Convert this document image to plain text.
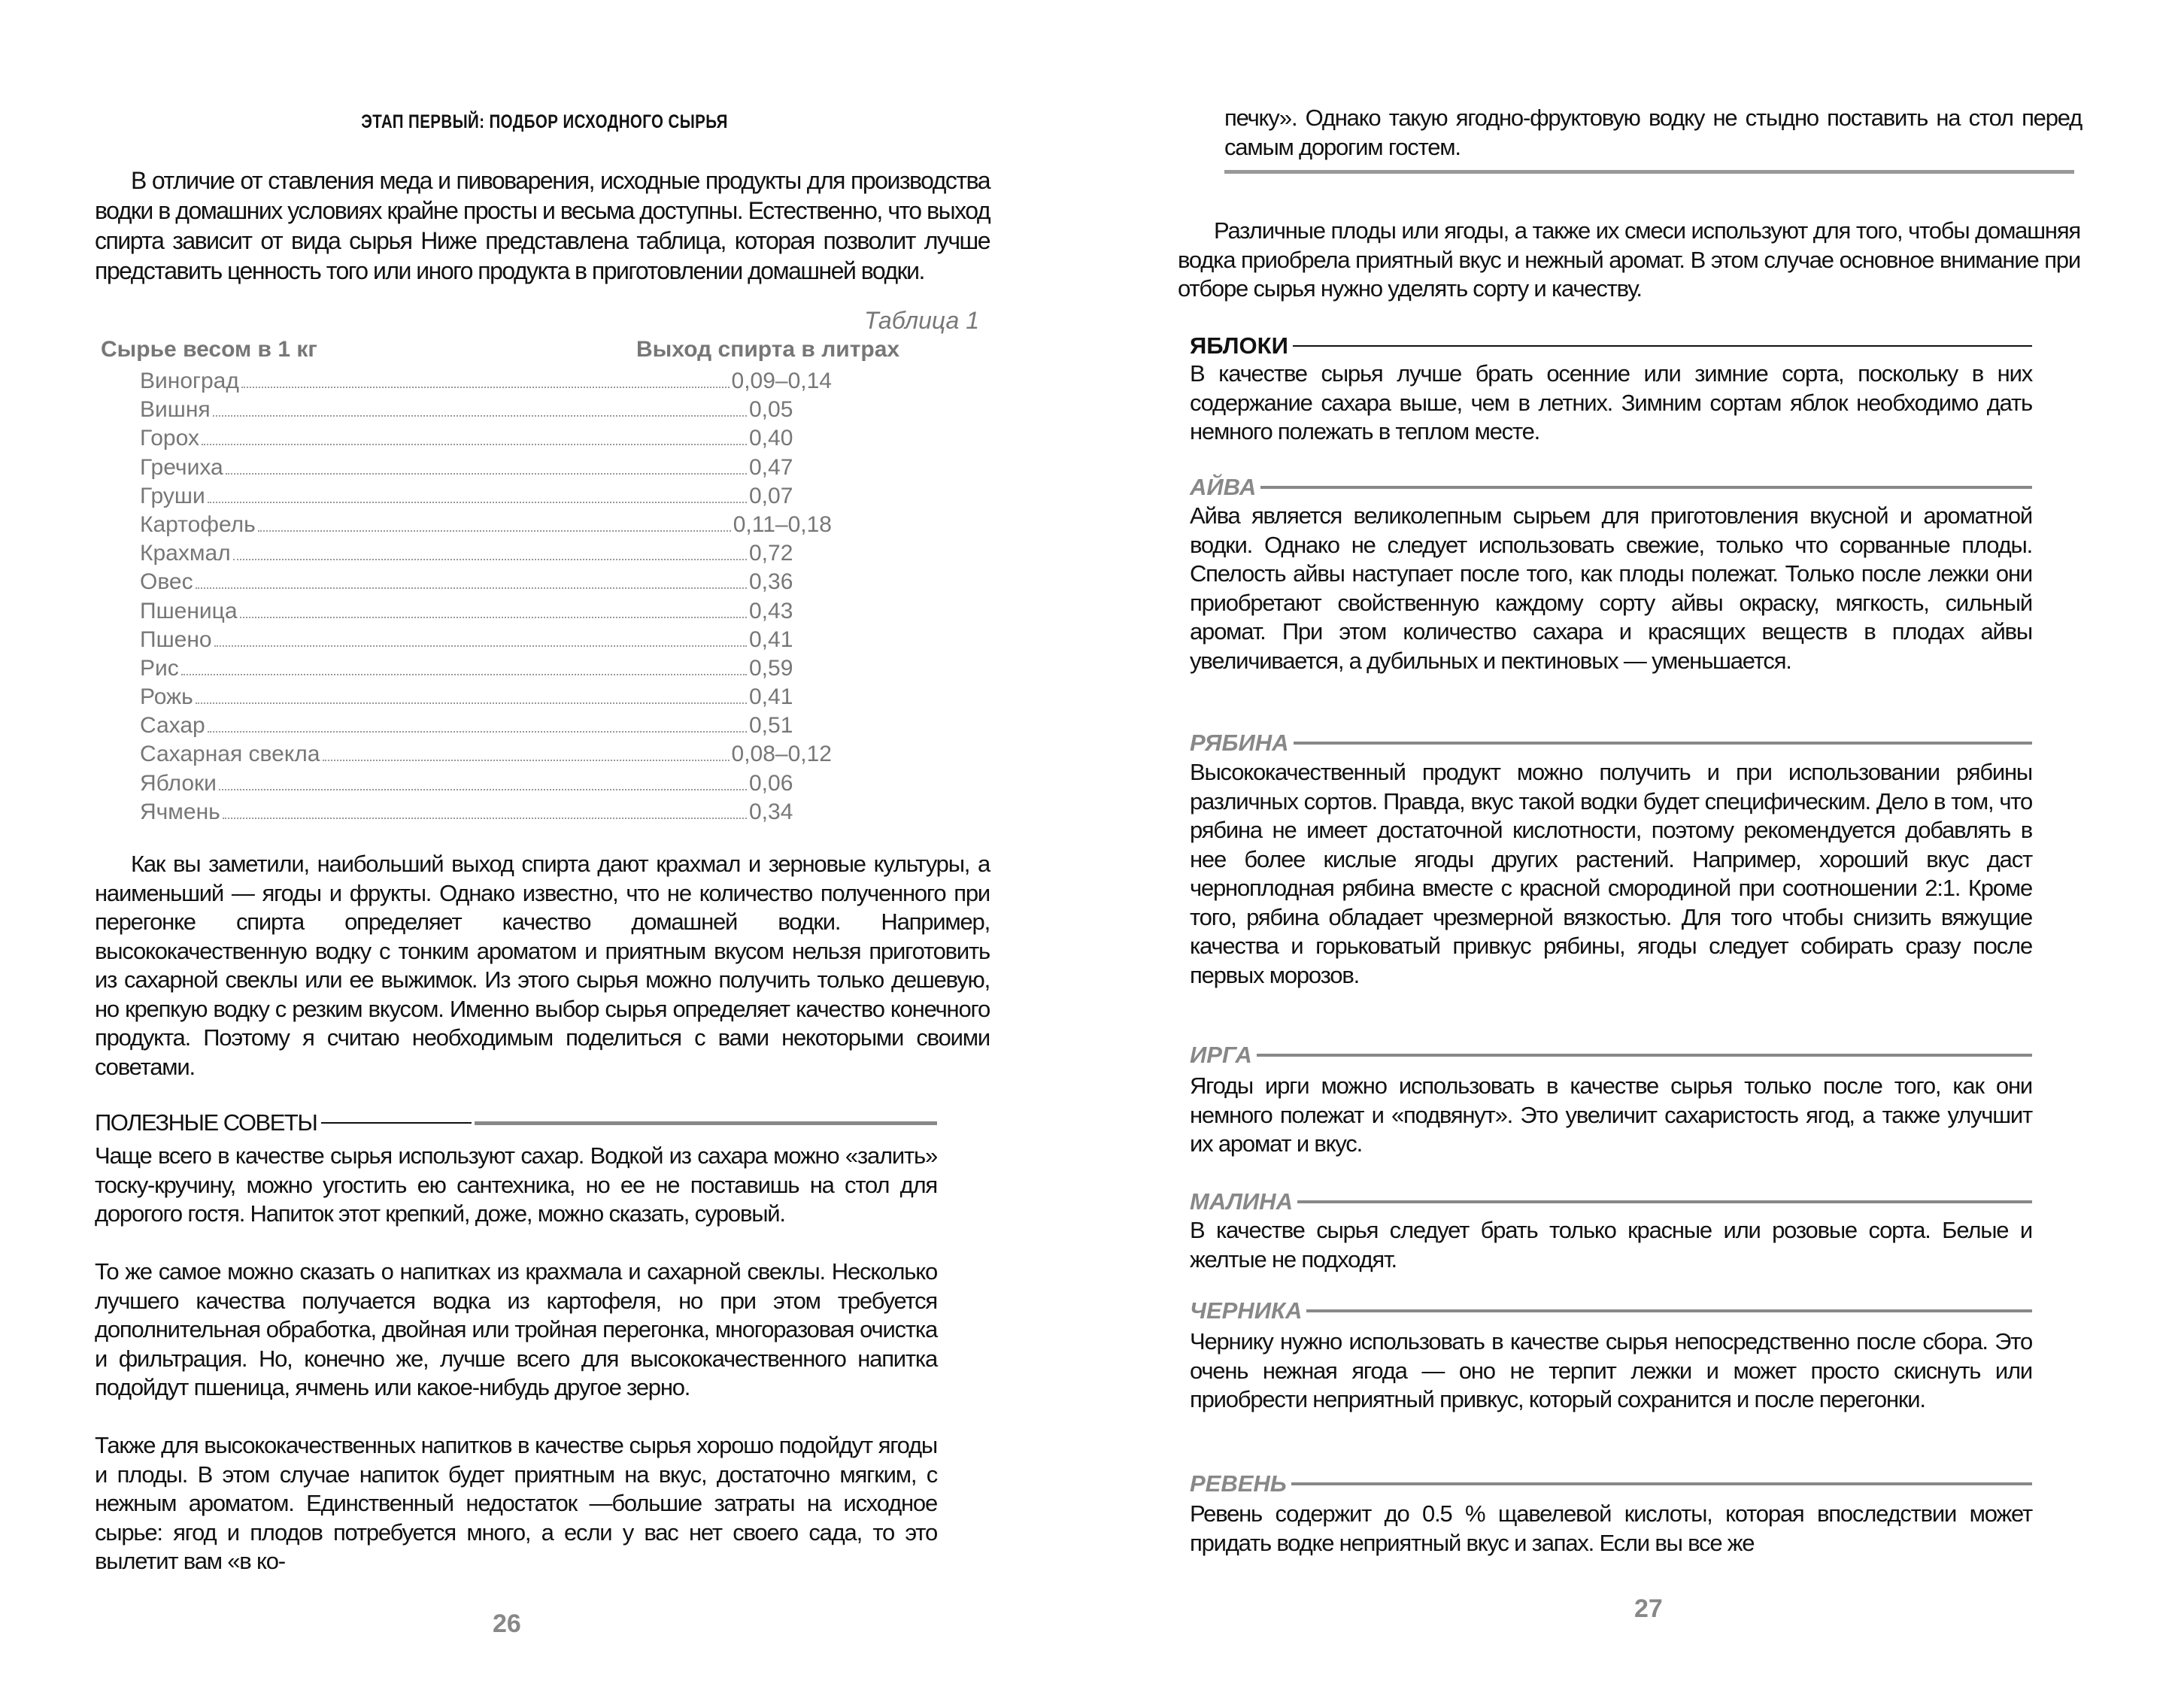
ЭТАП ПЕРВЫЙ: ПОДБОР ИСХОДНОГО СЫРЬЯ
В отличие от ставления меда и пивоварения, исходные продукты для производства водки в домашних условиях крайне просты и весьма доступны. Естественно, что выход спирта зависит от вида сырья Ниже представлена таблица, которая позволит лучше представить ценность того или иного продукта в приготовлении домашней водки.
Таблица 1
Сырье весом в 1 кг	Выход спирта в литрах
Виноград	0,09–0,14
Вишня	0,05
Горох	0,40
Гречиха	0,47
Груши	0,07
Картофель	0,11–0,18
Крахмал	0,72
Овес	0,36
Пшеница	0,43
Пшено	0,41
Рис	0,59
Рожь	0,41
Сахар	0,51
Сахарная свекла	0,08–0,12
Яблоки	0,06
Ячмень	0,34
Как вы заметили, наибольший выход спирта дают крахмал и зерновые культуры, а наименьший — ягоды и фрукты. Однако известно, что не количество полученного при перегонке спирта определяет качество домашней водки. Например, высококачественную водку с тонким ароматом и приятным вкусом нельзя приготовить из сахарной свеклы или ее выжимок. Из этого сырья можно получить только дешевую, но крепкую водку с резким вкусом. Именно выбор сырья определяет качество конечного продукта. Поэтому я считаю необходимым поделиться с вами некоторыми своими советами.
ПОЛЕЗНЫЕ СОВЕТЫ
Чаще всего в качестве сырья используют сахар. Водкой из сахара можно «залить» тоску-кручину, можно угостить ею сантехника, но ее не поставишь на стол для дорогого гостя. Напиток этот крепкий, доже, можно сказать, суровый.
То же самое можно сказать о напитках из крахмала и сахарной свеклы. Несколько лучшего качества получается водка из картофеля, но при этом требуется дополнительная обработка, двойная или тройная перегонка, многоразовая очистка и фильтрация. Но, конечно же, лучше всего для высококачественного напитка подойдут пшеница, ячмень или какое-нибудь другое зерно.
Также для высококачественных напитков в качестве сырья хорошо подойдут ягоды и плоды. В этом случае напиток будет приятным на вкус, достаточно мягким, с нежным ароматом. Единственный недостаток —большие затраты на исходное сырье: ягод и плодов потребуется много, а если у вас нет своего сада, то это вылетит вам «в ко-
26
печку». Однако такую ягодно-фруктовую водку не стыдно поставить на стол перед самым дорогим гостем.
Различные плоды или ягоды, а также их смеси используют для того, чтобы домашняя водка приобрела приятный вкус и нежный аромат. В этом случае основное внимание при отборе сырья нужно уделять сорту и качеству.
ЯБЛОКИ
В качестве сырья лучше брать осенние или зимние сорта, поскольку в них содержание сахара выше, чем в летних. Зимним сортам яблок необходимо дать немного полежать в теплом месте.
АЙВА
Айва является великолепным сырьем для приготовления вкусной и ароматной водки. Однако не следует использовать свежие, только что сорванные плоды. Спелость айвы наступает после того, как плоды полежат. Только после лежки они приобретают свойственную каждому сорту айвы окраску, мягкость, сильный аромат. При этом количество сахара и красящих веществ в плодах айвы увеличивается, а дубильных и пектиновых — уменьшается.
РЯБИНА
Высококачественный продукт можно получить и при использовании рябины различных сортов. Правда, вкус такой водки будет специфическим. Дело в том, что рябина не имеет достаточной кислотности, поэтому рекомендуется добавлять в нее более кислые ягоды других растений. Например, хороший вкус даст черноплодная рябина вместе с красной смородиной при соотношении 2:1. Кроме того, рябина обладает чрезмерной вязкостью. Для того чтобы снизить вяжущие качества и горьковатый привкус рябины, ягоды следует собирать сразу после первых морозов.
ИРГА
Ягоды ирги можно использовать в качестве сырья только после того, как они немного полежат и «подвянут». Это увеличит сахаристость ягод, а также улучшит их аромат и вкус.
МАЛИНА
В качестве сырья следует брать только красные или розовые сорта. Белые и желтые не подходят.
ЧЕРНИКА
Чернику нужно использовать в качестве сырья непосредственно после сбора. Это очень нежная ягода — оно не терпит лежки и может просто скиснуть или приобрести неприятный привкус, который сохранится и после перегонки.
РЕВЕНЬ
Ревень содержит до 0.5 % щавелевой кислоты, которая впоследствии может придать водке неприятный вкус и запах. Если вы все же
27
